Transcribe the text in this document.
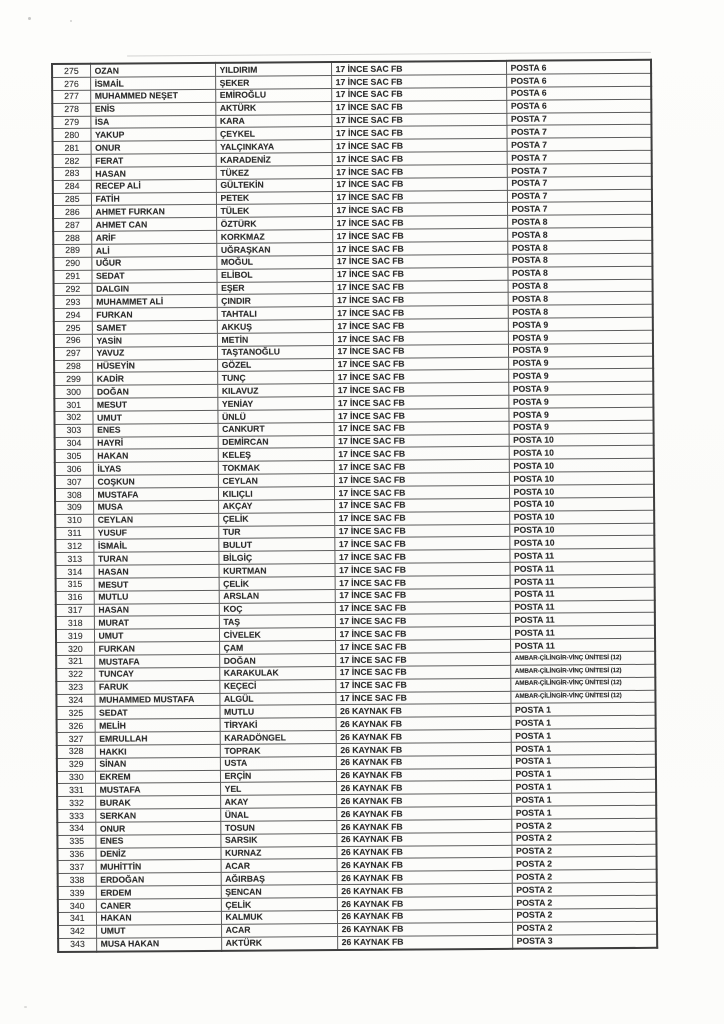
275	OZAN	YILDIRIM	17 İNCE SAC FB	POSTA 6
276	İSMAİL	ŞEKER	17 İNCE SAC FB	POSTA 6
277	MUHAMMED NEŞET	EMİROĞLU	17 İNCE SAC FB	POSTA 6
278	ENİS	AKTÜRK	17 İNCE SAC FB	POSTA 6
279	İSA	KARA	17 İNCE SAC FB	POSTA 7
280	YAKUP	ÇEYKEL	17 İNCE SAC FB	POSTA 7
281	ONUR	YALÇINKAYA	17 İNCE SAC FB	POSTA 7
282	FERAT	KARADENİZ	17 İNCE SAC FB	POSTA 7
283	HASAN	TÜKEZ	17 İNCE SAC FB	POSTA 7
284	RECEP ALİ	GÜLTEKİN	17 İNCE SAC FB	POSTA 7
285	FATİH	PETEK	17 İNCE SAC FB	POSTA 7
286	AHMET FURKAN	TÜLEK	17 İNCE SAC FB	POSTA 7
287	AHMET CAN	ÖZTÜRK	17 İNCE SAC FB	POSTA 8
288	ARİF	KORKMAZ	17 İNCE SAC FB	POSTA 8
289	ALİ	UĞRAŞKAN	17 İNCE SAC FB	POSTA 8
290	UĞUR	MOĞUL	17 İNCE SAC FB	POSTA 8
291	SEDAT	ELİBOL	17 İNCE SAC FB	POSTA 8
292	DALGIN	EŞER	17 İNCE SAC FB	POSTA 8
293	MUHAMMET ALİ	ÇINDIR	17 İNCE SAC FB	POSTA 8
294	FURKAN	TAHTALI	17 İNCE SAC FB	POSTA 8
295	SAMET	AKKUŞ	17 İNCE SAC FB	POSTA 9
296	YASİN	METİN	17 İNCE SAC FB	POSTA 9
297	YAVUZ	TAŞTANOĞLU	17 İNCE SAC FB	POSTA 9
298	HÜSEYİN	GÖZEL	17 İNCE SAC FB	POSTA 9
299	KADİR	TUNÇ	17 İNCE SAC FB	POSTA 9
300	DOĞAN	KILAVUZ	17 İNCE SAC FB	POSTA 9
301	MESUT	YENİAY	17 İNCE SAC FB	POSTA 9
302	UMUT	ÜNLÜ	17 İNCE SAC FB	POSTA 9
303	ENES	CANKURT	17 İNCE SAC FB	POSTA 9
304	HAYRİ	DEMİRCAN	17 İNCE SAC FB	POSTA 10
305	HAKAN	KELEŞ	17 İNCE SAC FB	POSTA 10
306	İLYAS	TOKMAK	17 İNCE SAC FB	POSTA 10
307	COŞKUN	CEYLAN	17 İNCE SAC FB	POSTA 10
308	MUSTAFA	KILIÇLI	17 İNCE SAC FB	POSTA 10
309	MUSA	AKÇAY	17 İNCE SAC FB	POSTA 10
310	CEYLAN	ÇELİK	17 İNCE SAC FB	POSTA 10
311	YUSUF	TUR	17 İNCE SAC FB	POSTA 10
312	İSMAİL	BULUT	17 İNCE SAC FB	POSTA 10
313	TURAN	BİLGİÇ	17 İNCE SAC FB	POSTA 11
314	HASAN	KURTMAN	17 İNCE SAC FB	POSTA 11
315	MESUT	ÇELİK	17 İNCE SAC FB	POSTA 11
316	MUTLU	ARSLAN	17 İNCE SAC FB	POSTA 11
317	HASAN	KOÇ	17 İNCE SAC FB	POSTA 11
318	MURAT	TAŞ	17 İNCE SAC FB	POSTA 11
319	UMUT	CİVELEK	17 İNCE SAC FB	POSTA 11
320	FURKAN	ÇAM	17 İNCE SAC FB	POSTA 11
321	MUSTAFA	DOĞAN	17 İNCE SAC FB	AMBAR-ÇİLİNGİR-VİNÇ ÜNİTESİ (12)
322	TUNCAY	KARAKULAK	17 İNCE SAC FB	AMBAR-ÇİLİNGİR-VİNÇ ÜNİTESİ (12)
323	FARUK	KEÇECİ	17 İNCE SAC FB	AMBAR-ÇİLİNGİR-VİNÇ ÜNİTESİ (12)
324	MUHAMMED MUSTAFA	ALGÜL	17 İNCE SAC FB	AMBAR-ÇİLİNGİR-VİNÇ ÜNİTESİ (12)
325	SEDAT	MUTLU	26 KAYNAK FB	POSTA 1
326	MELİH	TİRYAKİ	26 KAYNAK FB	POSTA 1
327	EMRULLAH	KARADÖNGEL	26 KAYNAK FB	POSTA 1
328	HAKKI	TOPRAK	26 KAYNAK FB	POSTA 1
329	SİNAN	USTA	26 KAYNAK FB	POSTA 1
330	EKREM	ERÇİN	26 KAYNAK FB	POSTA 1
331	MUSTAFA	YEL	26 KAYNAK FB	POSTA 1
332	BURAK	AKAY	26 KAYNAK FB	POSTA 1
333	SERKAN	ÜNAL	26 KAYNAK FB	POSTA 1
334	ONUR	TOSUN	26 KAYNAK FB	POSTA 2
335	ENES	SARSIK	26 KAYNAK FB	POSTA 2
336	DENİZ	KURNAZ	26 KAYNAK FB	POSTA 2
337	MUHİTTİN	ACAR	26 KAYNAK FB	POSTA 2
338	ERDOĞAN	AĞIRBAŞ	26 KAYNAK FB	POSTA 2
339	ERDEM	ŞENCAN	26 KAYNAK FB	POSTA 2
340	CANER	ÇELİK	26 KAYNAK FB	POSTA 2
341	HAKAN	KALMUK	26 KAYNAK FB	POSTA 2
342	UMUT	ACAR	26 KAYNAK FB	POSTA 2
343	MUSA HAKAN	AKTÜRK	26 KAYNAK FB	POSTA 3
